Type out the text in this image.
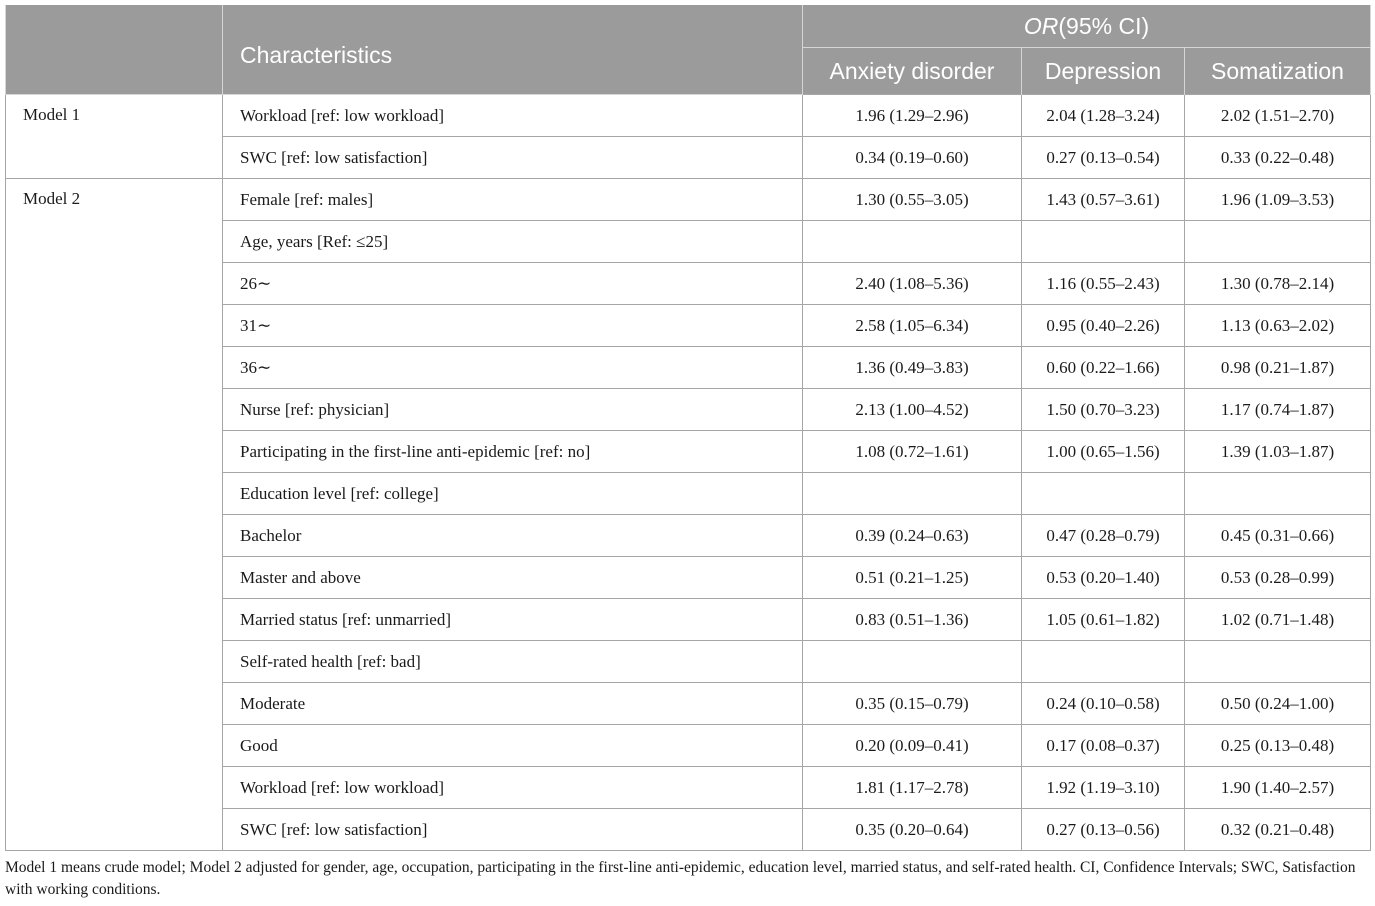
	Characteristics	OR(95% CI)		
		Anxiety disorder	Depression	Somatization
Model 1	Workload [ref: low workload]	1.96 (1.29–2.96)	2.04 (1.28–3.24)	2.02 (1.51–2.70)
	SWC [ref: low satisfaction]	0.34 (0.19–0.60)	0.27 (0.13–0.54)	0.33 (0.22–0.48)
Model 2	Female [ref: males]	1.30 (0.55–3.05)	1.43 (0.57–3.61)	1.96 (1.09–3.53)
	Age, years [Ref: ≤25]			
	26∼	2.40 (1.08–5.36)	1.16 (0.55–2.43)	1.30 (0.78–2.14)
	31∼	2.58 (1.05–6.34)	0.95 (0.40–2.26)	1.13 (0.63–2.02)
	36∼	1.36 (0.49–3.83)	0.60 (0.22–1.66)	0.98 (0.21–1.87)
	Nurse [ref: physician]	2.13 (1.00–4.52)	1.50 (0.70–3.23)	1.17 (0.74–1.87)
	Participating in the first-line anti-epidemic [ref: no]	1.08 (0.72–1.61)	1.00 (0.65–1.56)	1.39 (1.03–1.87)
	Education level [ref: college]			
	Bachelor	0.39 (0.24–0.63)	0.47 (0.28–0.79)	0.45 (0.31–0.66)
	Master and above	0.51 (0.21–1.25)	0.53 (0.20–1.40)	0.53 (0.28–0.99)
	Married status [ref: unmarried]	0.83 (0.51–1.36)	1.05 (0.61–1.82)	1.02 (0.71–1.48)
	Self-rated health [ref: bad]			
	Moderate	0.35 (0.15–0.79)	0.24 (0.10–0.58)	0.50 (0.24–1.00)
	Good	0.20 (0.09–0.41)	0.17 (0.08–0.37)	0.25 (0.13–0.48)
	Workload [ref: low workload]	1.81 (1.17–2.78)	1.92 (1.19–3.10)	1.90 (1.40–2.57)
	SWC [ref: low satisfaction]	0.35 (0.20–0.64)	0.27 (0.13–0.56)	0.32 (0.21–0.48)
Model 1 means crude model; Model 2 adjusted for gender, age, occupation, participating in the first-line anti-epidemic, education level, married status, and self-rated health. CI, Confidence Intervals; SWC, Satisfaction with working conditions.
